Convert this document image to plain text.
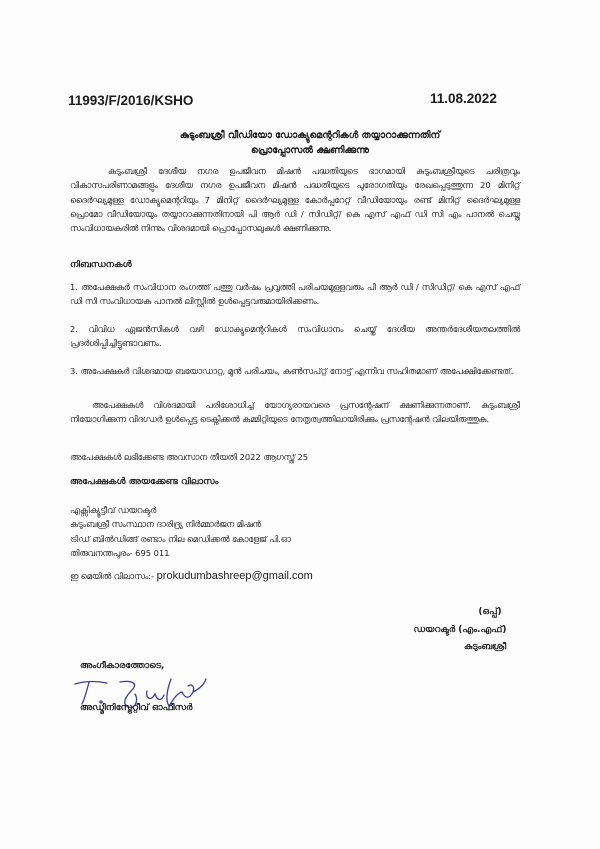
11993/F/2016/KSHO	11.08.2022
കുടുംബശ്രീ വീഡിയോ ഡോക്യുമെന്ററികൾ തയ്യാറാക്കുന്നതിന്
പ്രൊപ്പോസൽ ക്ഷണിക്കുന്നു
കുടുംബശ്രീ ദേശീയ നഗര ഉപജീവന മിഷൻ പദ്ധതിയുടെ ഭാഗമായി കുടുംബശ്രീയുടെ ചരിത്രവും വികാസപരിണാമങ്ങളും ദേശീയ നഗര ഉപജീവന മിഷൻ പദ്ധതിയുടെ പുരോഗതിയും രേഖപ്പെടുത്തുന്ന 20 മിനിറ്റ് ദൈർഘ്യമുള്ള ഡോക്യുമെന്ററിയും 7 മിനിറ്റ് ദൈർഘ്യമുള്ള കോർപ്പറേറ്റ് വീഡിയോയും രണ്ട് മിനിറ്റ് ദൈർഘ്യമുള്ള പ്രൊമോ വീഡിയോയും തയ്യാറാക്കുന്നതിനായി പി ആർ ഡി / സിഡിറ്റ്/ കെ എസ് എഫ് ഡി സി എം പാനൽ ചെയ്ത സംവിധായകരിൽ നിന്നും വിശദമായി പ്രൊപ്പോസലുകൾ ക്ഷണിക്കുന്നു.
നിബന്ധനകൾ
1. അപേക്ഷകർ സംവിധാന രംഗത്ത് പത്തു വർഷം പ്രവൃത്തി പരിചയമുള്ളവരും പി ആർ ഡി / സിഡിറ്റ്/ കെ എസ് എഫ് ഡി സി സംവിധായക പാനൽ ലിസ്റ്റിൽ ഉൾപ്പെട്ടവരുമായിരിക്കണം.
2. വിവിധ ഏജൻസികൾ വഴി ഡോക്യുമെന്ററികൾ സംവിധാനം ചെയ്ത് ദേശീയ അന്തർദേശീയതലത്തിൽ പ്രദർശിപ്പിച്ചിട്ടുണ്ടാവണം.
3. അപേക്ഷകർ വിശദമായ ബയോഡാറ്റ, മുൻ പരിചയം, കൺസപ്റ്റ് നോട്ട് എന്നിവ സഹിതമാണ് അപേക്ഷിക്കേണ്ടത്.
അപേക്ഷകൾ വിശദമായി പരിശോധിച്ച് യോഗ്യരായവരെ പ്രസന്റേഷന് ക്ഷണിക്കുന്നതാണ്. കുടുംബശ്രീ നിയോഗിക്കുന്ന വിദഗ്ധർ ഉൾപ്പെട്ട ടെക്നിക്കൽ കമ്മിറ്റിയുടെ നേതൃത്വത്തിലായിരിക്കും പ്രസന്റേഷൻ വിലയിരുത്തുക.
അപേക്ഷകൾ ലഭിക്കേണ്ട അവസാന തീയതി 2022 ആഗസ്ത് 25
അപേക്ഷകൾ അയക്കേണ്ട വിലാസം
എക്സിക്യൂട്ടീവ് ഡയറക്ടർ
കുടുംബശ്രീ സംസ്ഥാന ദാരിദ്ര്യ നിർമ്മാർജന മിഷൻ
ട്രിഡ് ബിൽഡിങ്ങ് രണ്ടാം നില മെഡിക്കൽ കോളേജ് പി.ഓ
തിരുവനന്തപുരം- 695 011
ഇ മെയിൽ വിലാസം:- prokudumbashreep@gmail.com
(ഒപ്പ്)
ഡയറക്ടർ (എം.എഫ്)
കുടുംബശ്രീ
അംഗീകാരത്തോടെ,
അഡ്മിനിസ്ട്രേറ്റീവ് ഓഫീസർ
